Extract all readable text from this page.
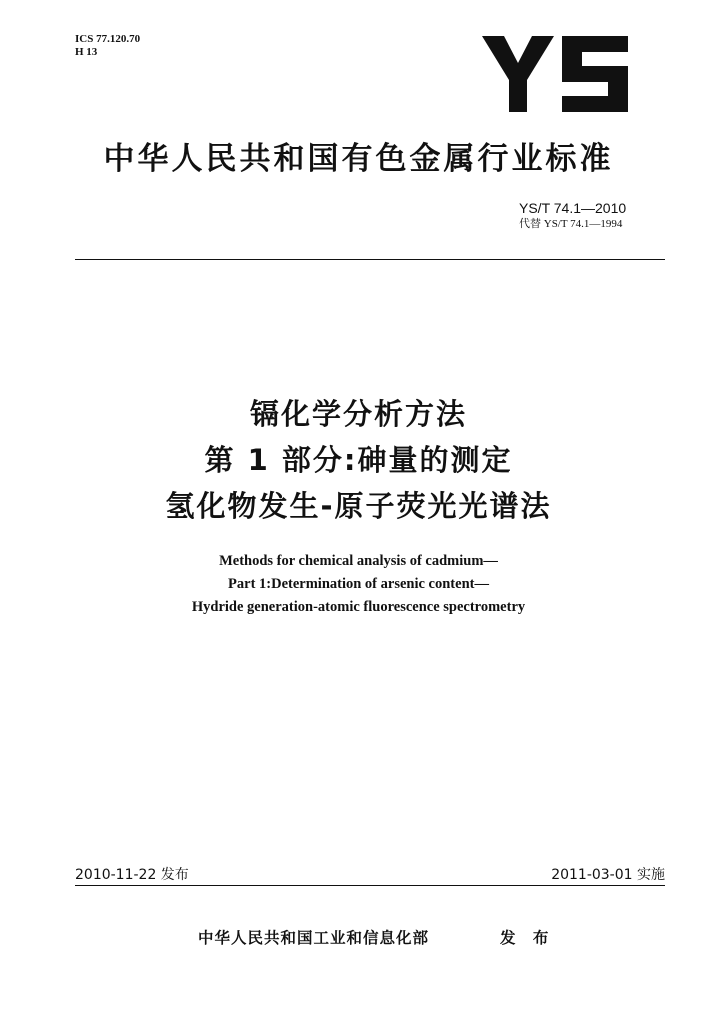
ICS 77.120.70
H 13
中华人民共和国有色金属行业标准
YS/T 74.1—2010
代替 YS/T 74.1—1994
镉化学分析方法
第 1 部分:砷量的测定
氢化物发生-原子荧光光谱法
Methods for chemical analysis of cadmium—
Part 1:Determination of arsenic content—
Hydride generation-atomic fluorescence spectrometry
2010-11-22 发布	2011-03-01 实施
中华人民共和国工业和信息化部	发 布
